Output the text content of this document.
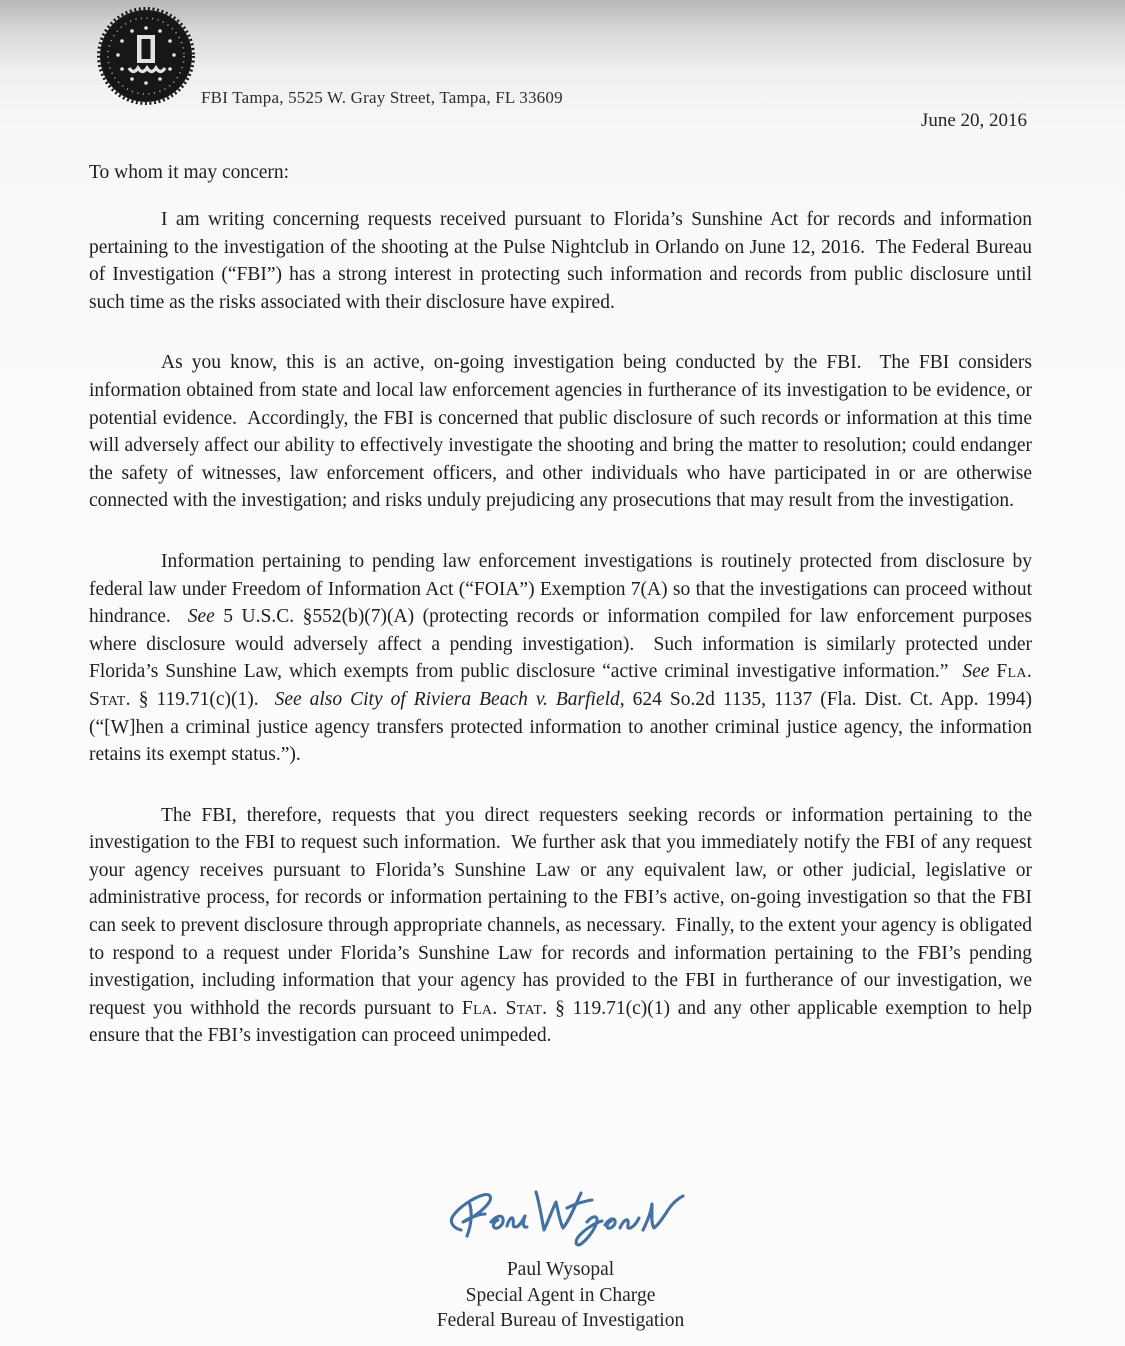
FBI Tampa, 5525 W. Gray Street, Tampa, FL 33609
June 20, 2016
To whom it may concern:

I am writing concerning requests received pursuant to Florida’s Sunshine Act for records and information pertaining to the investigation of the shooting at the Pulse Nightclub in Orlando on June 12, 2016.  The Federal Bureau of Investigation (“FBI”) has a strong interest in protecting such information and records from public disclosure until such time as the risks associated with their disclosure have expired.

As you know, this is an active, on-going investigation being conducted by the FBI.  The FBI considers information obtained from state and local law enforcement agencies in furtherance of its investigation to be evidence, or potential evidence.  Accordingly, the FBI is concerned that public disclosure of such records or information at this time will adversely affect our ability to effectively investigate the shooting and bring the matter to resolution; could endanger the safety of witnesses, law enforcement officers, and other individuals who have participated in or are otherwise connected with the investigation; and risks unduly prejudicing any prosecutions that may result from the investigation.

Information pertaining to pending law enforcement investigations is routinely protected from disclosure by federal law under Freedom of Information Act (“FOIA”) Exemption 7(A) so that the investigations can proceed without hindrance.  See 5 U.S.C. §552(b)(7)(A) (protecting records or information compiled for law enforcement purposes where disclosure would adversely affect a pending investigation).  Such information is similarly protected under Florida’s Sunshine Law, which exempts from public disclosure “active criminal investigative information.”  See Fla. Stat. § 119.71(c)(1).  See also City of Riviera Beach v. Barfield, 624 So.2d 1135, 1137 (Fla. Dist. Ct. App. 1994) (“[W]hen a criminal justice agency transfers protected information to another criminal justice agency, the information retains its exempt status.”).

The FBI, therefore, requests that you direct requesters seeking records or information pertaining to the investigation to the FBI to request such information.  We further ask that you immediately notify the FBI of any request your agency receives pursuant to Florida’s Sunshine Law or any equivalent law, or other judicial, legislative or administrative process, for records or information pertaining to the FBI’s active, on-going investigation so that the FBI can seek to prevent disclosure through appropriate channels, as necessary.  Finally, to the extent your agency is obligated to respond to a request under Florida’s Sunshine Law for records and information pertaining to the FBI’s pending investigation, including information that your agency has provided to the FBI in furtherance of our investigation, we request you withhold the records pursuant to Fla. Stat. § 119.71(c)(1) and any other applicable exemption to help ensure that the FBI’s investigation can proceed unimpeded.

Paul Wysopal
Special Agent in Charge
Federal Bureau of Investigation
